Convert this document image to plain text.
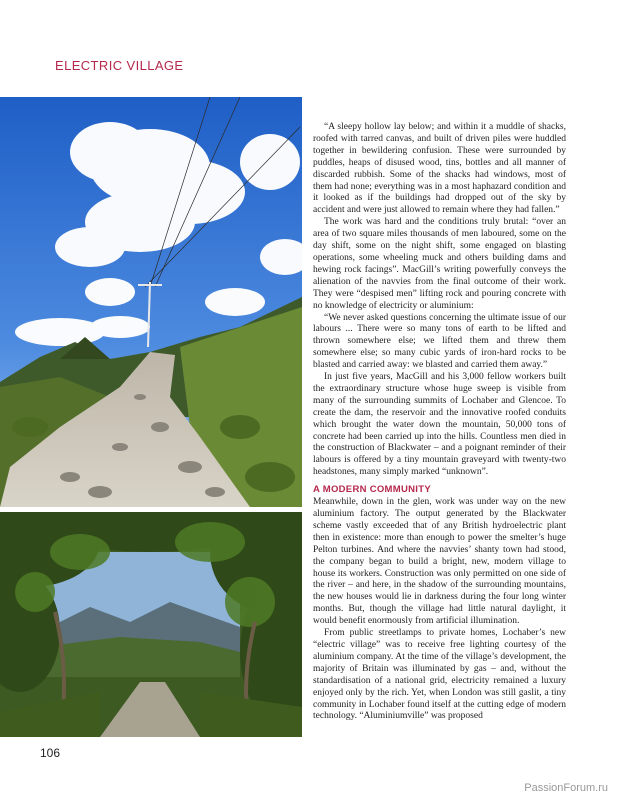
ELECTRIC VILLAGE

“A sleepy hollow lay below; and within it a muddle of shacks, roofed with tarred canvas, and built of driven piles were huddled together in bewildering confusion. These were surrounded by puddles, heaps of disused wood, tins, bottles and all manner of discarded rubbish. Some of the shacks had windows, most of them had none; everything was in a most haphazard condition and it looked as if the buildings had dropped out of the sky by accident and were just allowed to remain where they had fallen.”

The work was hard and the conditions truly brutal: “over an area of two square miles thousands of men laboured, some on the day shift, some on the night shift, some engaged on blasting operations, some wheeling muck and others building dams and hewing rock facings”. MacGill’s writing powerfully conveys the alienation of the navvies from the final outcome of their work. They were “despised men” lifting rock and pouring concrete with no knowledge of electricity or aluminium:

“We never asked questions concerning the ultimate issue of our labours ... There were so many tons of earth to be lifted and thrown somewhere else; we lifted them and threw them somewhere else; so many cubic yards of iron-hard rocks to be blasted and carried away: we blasted and carried them away.”

In just five years, MacGill and his 3,000 fellow workers built the extraordinary structure whose huge sweep is visible from many of the surrounding summits of Lochaber and Glencoe. To create the dam, the reservoir and the innovative roofed conduits which brought the water down the mountain, 50,000 tons of concrete had been carried up into the hills. Countless men died in the construction of Blackwater – and a poignant reminder of their labours is offered by a tiny mountain graveyard with twenty-two headstones, many simply marked “unknown”.

A MODERN COMMUNITY

Meanwhile, down in the glen, work was under way on the new aluminium factory. The output generated by the Blackwater scheme vastly exceeded that of any British hydroelectric plant then in existence: more than enough to power the smelter’s huge Pelton turbines. And where the navvies’ shanty town had stood, the company began to build a bright, new, modern village to house its workers. Construction was only permitted on one side of the river – and here, in the shadow of the surrounding mountains, the new houses would lie in darkness during the four long winter months. But, though the village had little natural daylight, it would benefit enormously from artificial illumination.

From public streetlamps to private homes, Lochaber’s new “electric village” was to receive free lighting courtesy of the aluminium company. At the time of the village’s development, the majority of Britain was illuminated by gas – and, without the standardisation of a national grid, electricity remained a luxury enjoyed only by the rich. Yet, when London was still gaslit, a tiny community in Lochaber found itself at the cutting edge of modern technology. “Aluminiumville” was proposed

106
PassionForum.ru
